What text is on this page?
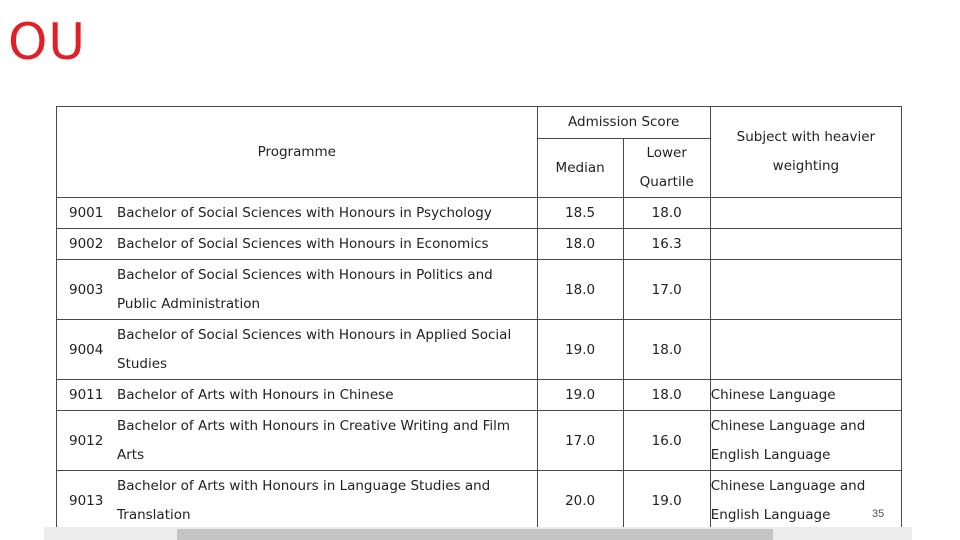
OU
Programme	Admission Score		Subject with heavier weighting
	Median	Lower Quartile	

9001 Bachelor of Social Sciences with Honours in Psychology	18.5	18.0	

9002 Bachelor of Social Sciences with Honours in Economics	18.0	16.3	

9003
Bachelor of Social Sciences with Honours in Politics and Public Administration	18.0	17.0	

9004
Bachelor of Social Sciences with Honours in Applied Social Studies	19.0	18.0	

9011 Bachelor of Arts with Honours in Chinese	19.0	18.0	Chinese Language

9012
Bachelor of Arts with Honours in Creative Writing and Film Arts	17.0	16.0	Chinese Language and English Language

9013
Bachelor of Arts with Honours in Language Studies and Translation	20.0	19.0	Chinese Language and English Language	35
